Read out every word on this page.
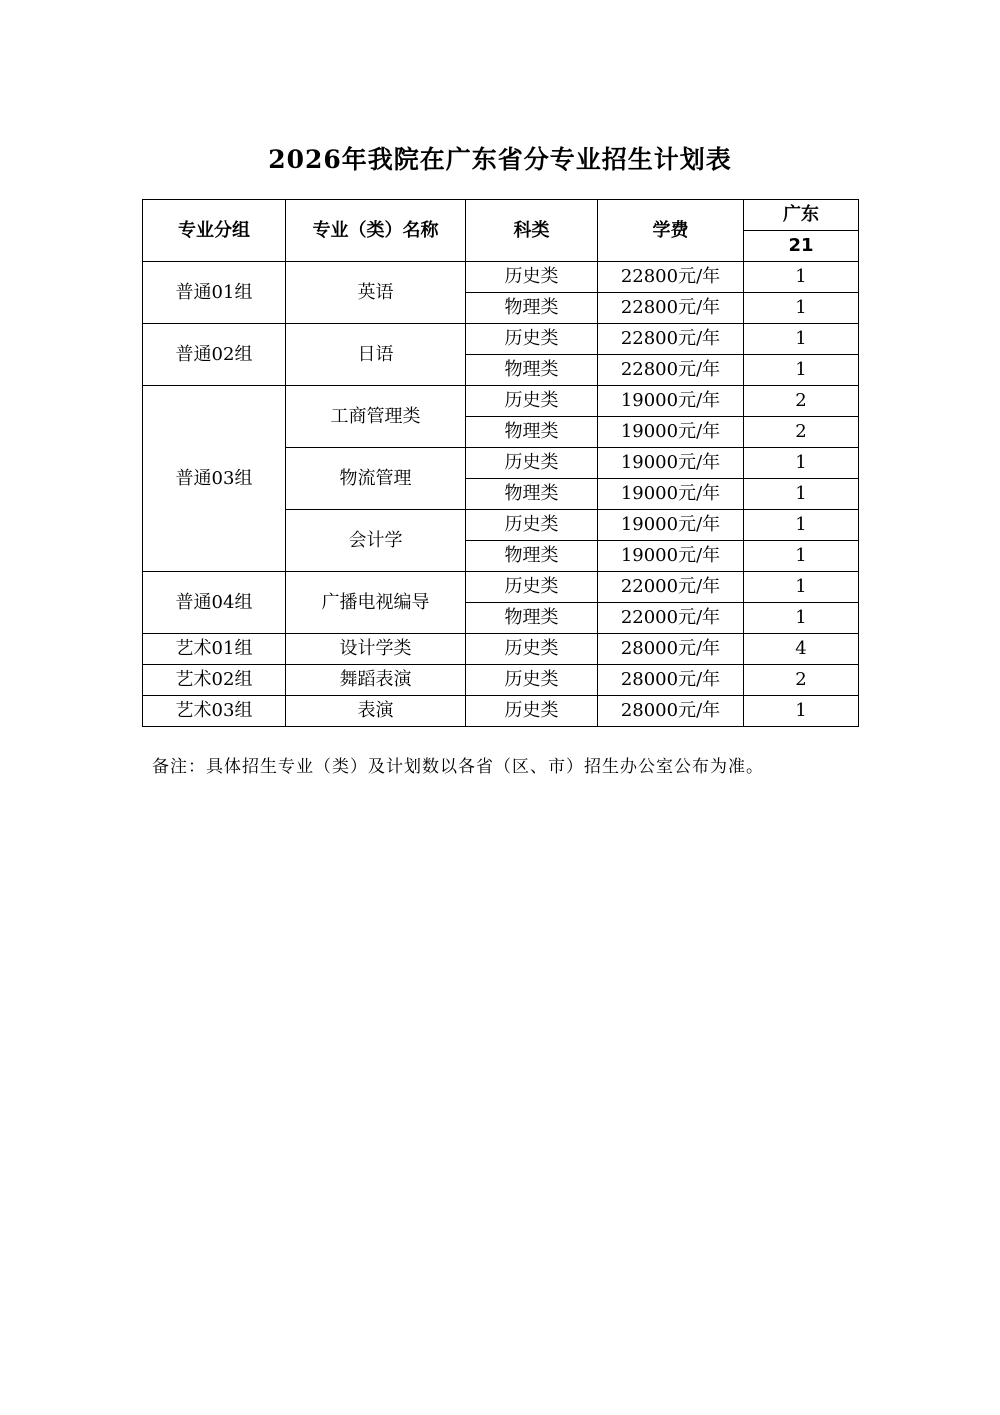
2026年我院在广东省分专业招生计划表
专业分组	专业（类）名称	科类	学费	广东
				21
普通01组	英语	历史类	22800元/年	1
		物理类	22800元/年	1
普通02组	日语	历史类	22800元/年	1
		物理类	22800元/年	1
普通03组	工商管理类	历史类	19000元/年	2
		物理类	19000元/年	2
	物流管理	历史类	19000元/年	1
		物理类	19000元/年	1
	会计学	历史类	19000元/年	1
		物理类	19000元/年	1
普通04组	广播电视编导	历史类	22000元/年	1
		物理类	22000元/年	1
艺术01组	设计学类	历史类	28000元/年	4
艺术02组	舞蹈表演	历史类	28000元/年	2
艺术03组	表演	历史类	28000元/年	1
备注：具体招生专业（类）及计划数以各省（区、市）招生办公室公布为准。
